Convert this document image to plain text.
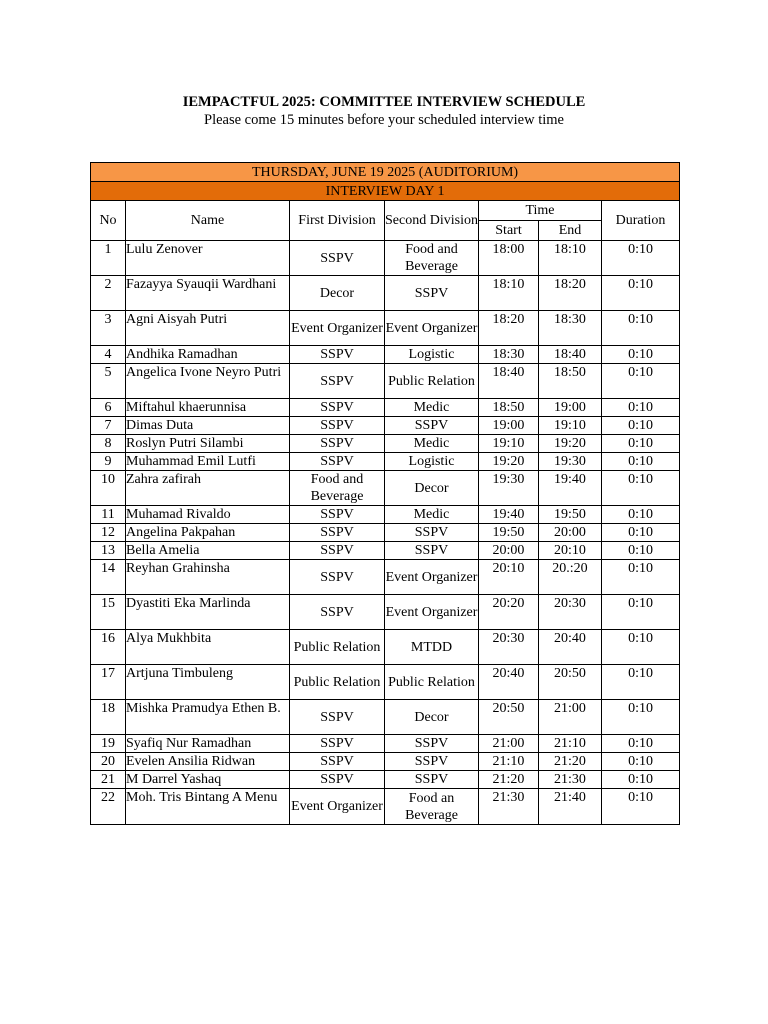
IEMPACTFUL 2025: COMMITTEE INTERVIEW SCHEDULE
Please come 15 minutes before your scheduled interview time
THURSDAY, JUNE 19 2025 (AUDITORIUM)						
INTERVIEW DAY 1						
No	Name	First Division	Second Division	Time		Duration
				Start	End	
1	Lulu Zenover	SSPV	Food and Beverage	18:00	18:10	0:10
2	Fazayya Syauqii Wardhani	Decor	SSPV	18:10	18:20	0:10
3	Agni Aisyah Putri	Event Organizer	Event Organizer	18:20	18:30	0:10
4	Andhika Ramadhan	SSPV	Logistic	18:30	18:40	0:10
5	Angelica Ivone Neyro Putri	SSPV	Public Relation	18:40	18:50	0:10
6	Miftahul khaerunnisa	SSPV	Medic	18:50	19:00	0:10
7	Dimas Duta	SSPV	SSPV	19:00	19:10	0:10
8	Roslyn Putri Silambi	SSPV	Medic	19:10	19:20	0:10
9	Muhammad Emil Lutfi	SSPV	Logistic	19:20	19:30	0:10
10	Zahra zafirah	Food and Beverage	Decor	19:30	19:40	0:10
11	Muhamad Rivaldo	SSPV	Medic	19:40	19:50	0:10
12	Angelina Pakpahan	SSPV	SSPV	19:50	20:00	0:10
13	Bella Amelia	SSPV	SSPV	20:00	20:10	0:10
14	Reyhan Grahinsha	SSPV	Event Organizer	20:10	20.:20	0:10
15	Dyastiti Eka Marlinda	SSPV	Event Organizer	20:20	20:30	0:10
16	Alya Mukhbita	Public Relation	MTDD	20:30	20:40	0:10
17	Artjuna Timbuleng	Public Relation	Public Relation	20:40	20:50	0:10
18	Mishka Pramudya Ethen B.	SSPV	Decor	20:50	21:00	0:10
19	Syafiq Nur Ramadhan	SSPV	SSPV	21:00	21:10	0:10
20	Evelen Ansilia Ridwan	SSPV	SSPV	21:10	21:20	0:10
21	M Darrel Yashaq	SSPV	SSPV	21:20	21:30	0:10
22	Moh. Tris Bintang A Menu	Event Organizer	Food an Beverage	21:30	21:40	0:10
